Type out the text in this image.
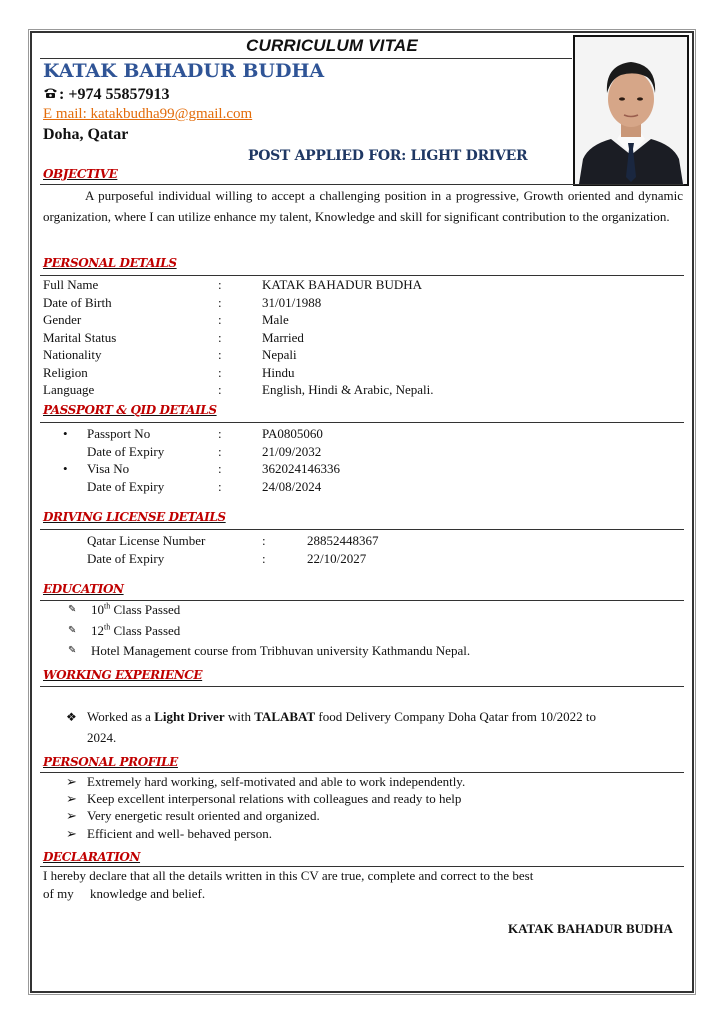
CURRICULUM VITAE
KATAK BAHADUR BUDHA
: +974 55857913
E mail: katakbudha99@gmail.com
Doha, Qatar
POST APPLIED FOR: LIGHT DRIVER
OBJECTIVE
A purposeful individual willing to accept a challenging position in a progressive, Growth oriented and dynamic organization, where I can utilize enhance my talent, Knowledge and skill for significant contribution to the organization.
PERSONAL DETAILS
Full Name	:	KATAK BAHADUR BUDHA
Date of Birth	:	31/01/1988
Gender	:	Male
Marital Status	:	Married
Nationality	:	Nepali
Religion	:	Hindu
Language	:	English, Hindi & Arabic, Nepali.
PASSPORT & QID DETAILS
• Passport No	:	PA0805060
Date of Expiry	:	21/09/2032
• Visa No	:	362024146336
Date of Expiry	:	24/08/2024
DRIVING LICENSE DETAILS
Qatar License Number	:	28852448367
Date of Expiry	:	22/10/2027
EDUCATION
✎ 10th Class Passed
✎ 12th Class Passed
✎ Hotel Management course from Tribhuvan university Kathmandu Nepal.
WORKING EXPERIENCE
❖ Worked as a Light Driver with TALABAT food Delivery Company Doha Qatar from 10/2022 to
2024.
PERSONAL PROFILE
➢ Extremely hard working, self-motivated and able to work independently.
➢ Keep excellent interpersonal relations with colleagues and ready to help
➢ Very energetic result oriented and organized.
➢ Efficient and well- behaved person.
DECLARATION
I hereby declare that all the details written in this CV are true, complete and correct to the best
of my     knowledge and belief.
KATAK BAHADUR BUDHA
